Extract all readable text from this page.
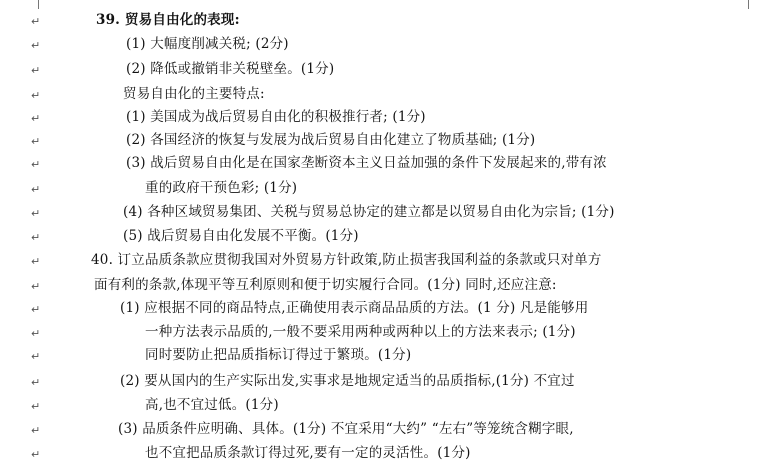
↵
↵
↵
↵
↵
↵
↵
↵
↵
↵
↵
↵
↵
↵
↵
↵
↵
↵
↵
39. 贸易自由化的表现:
(1) 大幅度削减关税; (2分)
(2) 降低或撤销非关税壁垒。(1分)
贸易自由化的主要特点:
(1) 美国成为战后贸易自由化的积极推行者; (1分)
(2) 各国经济的恢复与发展为战后贸易自由化建立了物质基础; (1分)
(3) 战后贸易自由化是在国家垄断资本主义日益加强的条件下发展起来的,带有浓
重的政府干预色彩; (1分)
(4) 各种区域贸易集团、关税与贸易总协定的建立都是以贸易自由化为宗旨; (1分)
(5) 战后贸易自由化发展不平衡。(1分)
40. 订立品质条款应贯彻我国对外贸易方针政策,防止损害我国利益的条款或只对单方
面有利的条款,体现平等互利原则和便于切实履行合同。(1分) 同时,还应注意:
(1) 应根据不同的商品特点,正确使用表示商品品质的方法。(1 分) 凡是能够用
一种方法表示品质的,一般不要采用两种或两种以上的方法来表示; (1分)
同时要防止把品质指标订得过于繁琐。(1分)
(2) 要从国内的生产实际出发,实事求是地规定适当的品质指标,(1分) 不宜过
高,也不宜过低。(1分)
(3) 品质条件应明确、具体。(1分) 不宜采用“大约” “左右”等笼统含糊字眼,
也不宜把品质条款订得过死,要有一定的灵活性。(1分)
